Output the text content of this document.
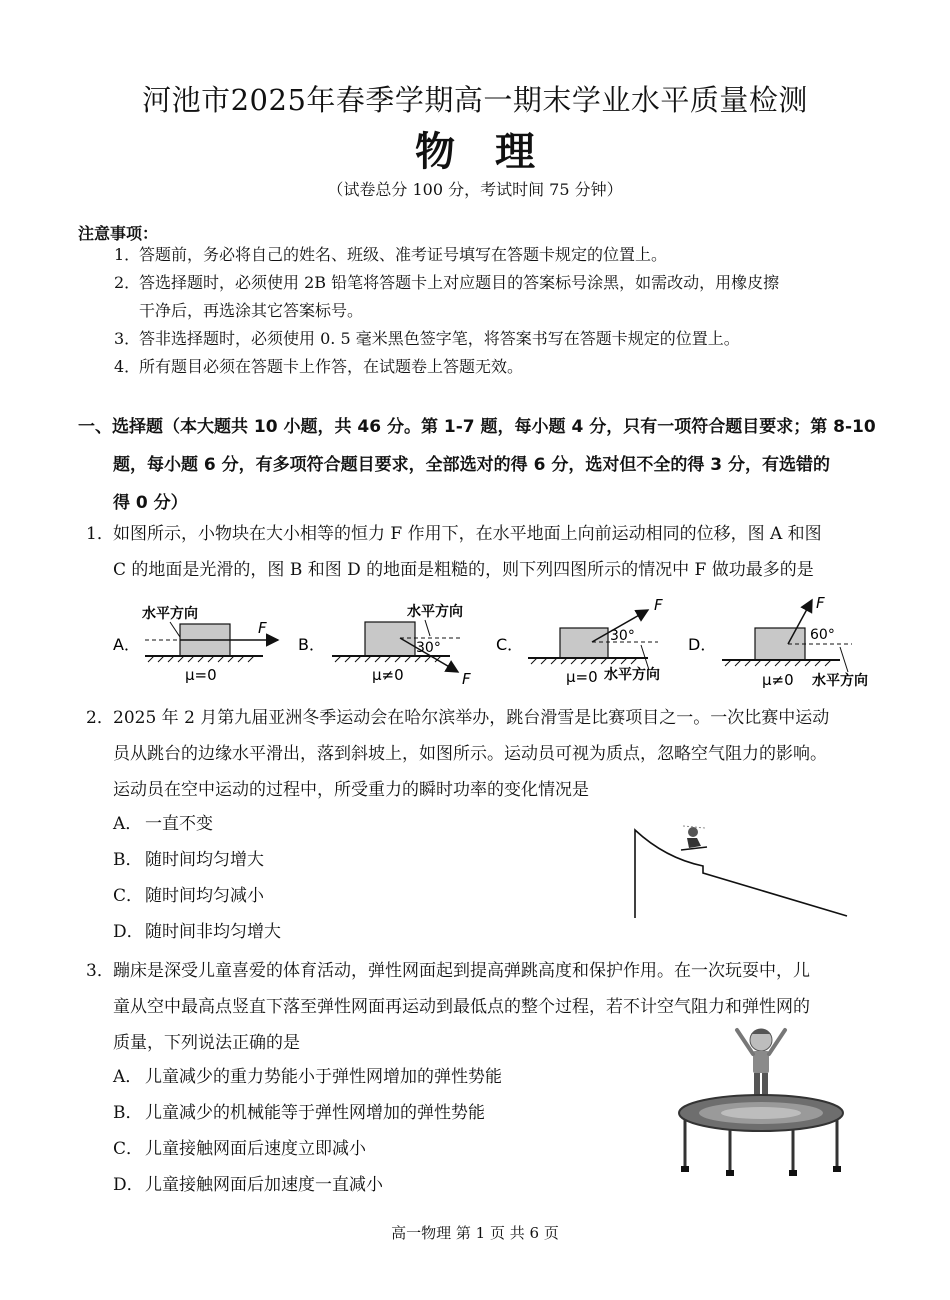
河池市2025年春季学期高一期末学业水平质量检测
物理
（试卷总分 100 分，考试时间 75 分钟）
注意事项：
1．答题前，务必将自己的姓名、班级、准考证号填写在答题卡规定的位置上。
2．答选择题时，必须使用 2B 铅笔将答题卡上对应题目的答案标号涂黑，如需改动，用橡皮擦
干净后，再选涂其它答案标号。
3．答非选择题时，必须使用 0. 5 毫米黑色签字笔，将答案书写在答题卡规定的位置上。
4．所有题目必须在答题卡上作答，在试题卷上答题无效。
一、选择题（本大题共 10 小题，共 46 分。第 1-7 题，每小题 4 分，只有一项符合题目要求；第 8-10
题，每小题 6 分，有多项符合题目要求，全部选对的得 6 分，选对但不全的得 3 分，有选错的
得 0 分）
1．如图所示，小物块在大小相等的恒力 F 作用下，在水平地面上向前运动相同的位移，图 A 和图
C 的地面是光滑的，图 B 和图 D 的地面是粗糙的，则下列四图所示的情况中 F 做功最多的是
A．
水平方向
F
μ=0
B．
水平方向
30°
F
μ≠0
C．
F
30°
水平方向
μ=0
D．
F
60°
水平方向
μ≠0
2．2025 年 2 月第九届亚洲冬季运动会在哈尔滨举办，跳台滑雪是比赛项目之一。一次比赛中运动
员从跳台的边缘水平滑出，落到斜坡上，如图所示。运动员可视为质点，忽略空气阻力的影响。
运动员在空中运动的过程中，所受重力的瞬时功率的变化情况是
A． 一直不变
B． 随时间均匀增大
C． 随时间均匀减小
D．随时间非均匀增大
3．蹦床是深受儿童喜爱的体育活动，弹性网面起到提高弹跳高度和保护作用。在一次玩耍中，儿
童从空中最高点竖直下落至弹性网面再运动到最低点的整个过程，若不计空气阻力和弹性网的
质量，下列说法正确的是
A． 儿童减少的重力势能小于弹性网增加的弹性势能
B． 儿童减少的机械能等于弹性网增加的弹性势能
C． 儿童接触网面后速度立即减小
D．儿童接触网面后加速度一直减小
高一物理 第 1 页 共 6 页
